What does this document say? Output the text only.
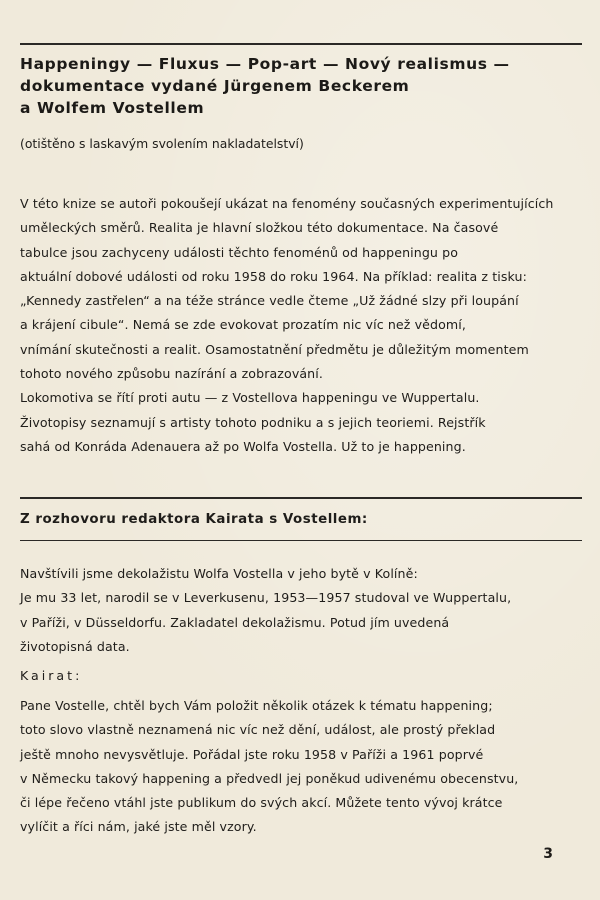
Happeningy — Fluxus — Pop-art — Nový realismus —
dokumentace vydané Jürgenem Beckerem
a Wolfem Vostellem

(otištěno s laskavým svolením nakladatelství)

V této knize se autoři pokoušejí ukázat na fenomény současných experimentujících
uměleckých směrů. Realita je hlavní složkou této dokumentace. Na časové
tabulce jsou zachyceny události těchto fenoménů od happeningu po
aktuální dobové události od roku 1958 do roku 1964. Na příklad: realita z tisku:
„Kennedy zastřelen“ a na téže stránce vedle čteme „Už žádné slzy při loupání
a krájení cibule“. Nemá se zde evokovat prozatím nic víc než vědomí,
vnímání skutečnosti a realit. Osamostatnění předmětu je důležitým momentem
tohoto nového způsobu nazírání a zobrazování.
Lokomotiva se řítí proti autu — z Vostellova happeningu ve Wuppertalu.
Životopisy seznamují s artisty tohoto podniku a s jejich teoriemi. Rejstřík
sahá od Konráda Adenauera až po Wolfa Vostella. Už to je happening.
Z rozhovoru redaktora Kairata s Vostellem:
Navštívili jsme dekolažistu Wolfa Vostella v jeho bytě v Kolíně:
Je mu 33 let, narodil se v Leverkusenu, 1953—1957 studoval ve Wuppertalu,
v Paříži, v Düsseldorfu. Zakladatel dekolažismu. Potud jím uvedená
životopisná data.

Kairat:

Pane Vostelle, chtěl bych Vám položit několik otázek k tématu happening;
toto slovo vlastně neznamená nic víc než dění, událost, ale prostý překlad
ještě mnoho nevysvětluje. Pořádal jste roku 1958 v Paříži a 1961 poprvé
v Německu takový happening a předvedl jej poněkud udivenému obecenstvu,
či lépe řečeno vtáhl jste publikum do svých akcí. Můžete tento vývoj krátce
vylíčit a říci nám, jaké jste měl vzory.

3
